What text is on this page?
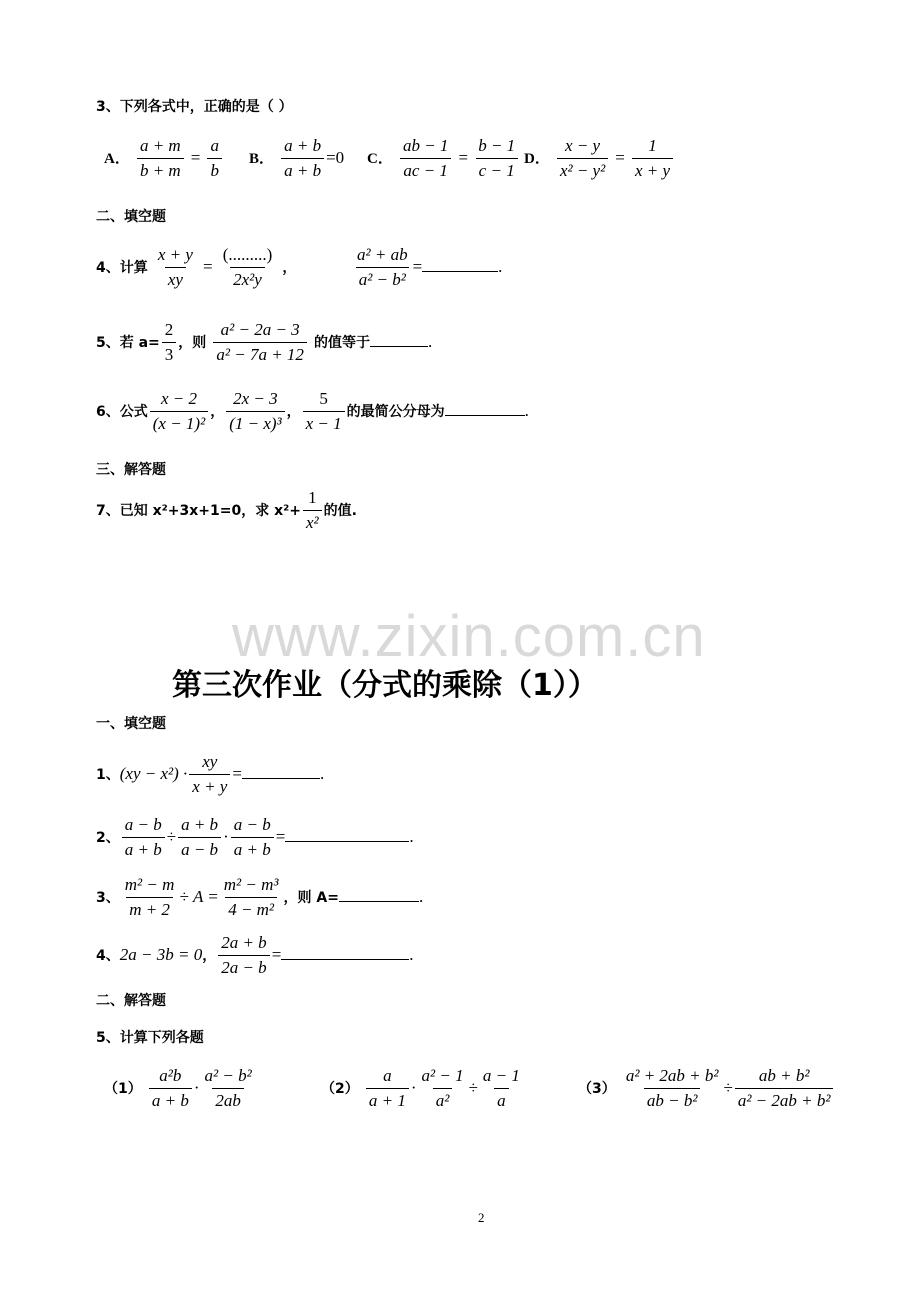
3、下列各式中，正确的是（ ）
A． $\frac{a + m}{b + m} = \frac{a}{b}$ B． $\frac{a + b}{a + b} =0$ C． $\frac{ab - 1}{ac - 1} = \frac{b - 1}{c - 1}$ D． $\frac{x - y}{\text{x² − y²}} = \frac{1}{x + y}$
二、填空题
4、计算 $\frac{x + y}{xy} = \frac{(.........)}{\text{2x²y}}$ ，	$\frac{\text{a² + ab}}{\text{a² − b²}}$ =	.
5、若 $a= \frac{2}{3}$ ，则 $\frac{\text{a² − 2a − 3}}{\text{a² − 7a + 12}}$ 的值等于	.
6、公式 $\frac{x - 2}{\text{(x − 1)²}}$ ， $\frac{2x - 3}{\text{(1 − x)³}}$ ， $\frac{5}{x - 1}$ 的最简公分母为	.
三、解答题
7、已知 x²+3x+1=0，求 $x^2+ \frac{1}{\text{x²}}$ 的值.
www.zixin.com.cn
第三次作业（分式的乘除（1））
一、填空题
1、$(xy - x^2) \cdot \frac{xy}{x + y}$ =	.
2、 $\frac{a - b}{a + b} \div \frac{a + b}{a - b} \cdot \frac{a - b}{a + b}$ =	.
3、 $\frac{\text{m² − m}}{m + 2} \div A = \frac{\text{m² − m³}}{\text{4 − m²}}$ ，则 A=	.
4、2a − 3b = 0， $\frac{2a + b}{2a - b}$ =	.
二、解答题
5、计算下列各题
$(1) \frac{\text{a²b}}{a + b} \cdot \frac{\text{a² − b²}}{2ab}$	$(2) \frac{a}{a + 1} \cdot \frac{\text{a² − 1}}{\text{a²}} \div \frac{a - 1}{a}$	$(3) \frac{\text{a² + 2ab + b²}}{\text{ab − b²}} \div \frac{\text{ab + b²}}{\text{a² − 2ab + b²}}$
2
